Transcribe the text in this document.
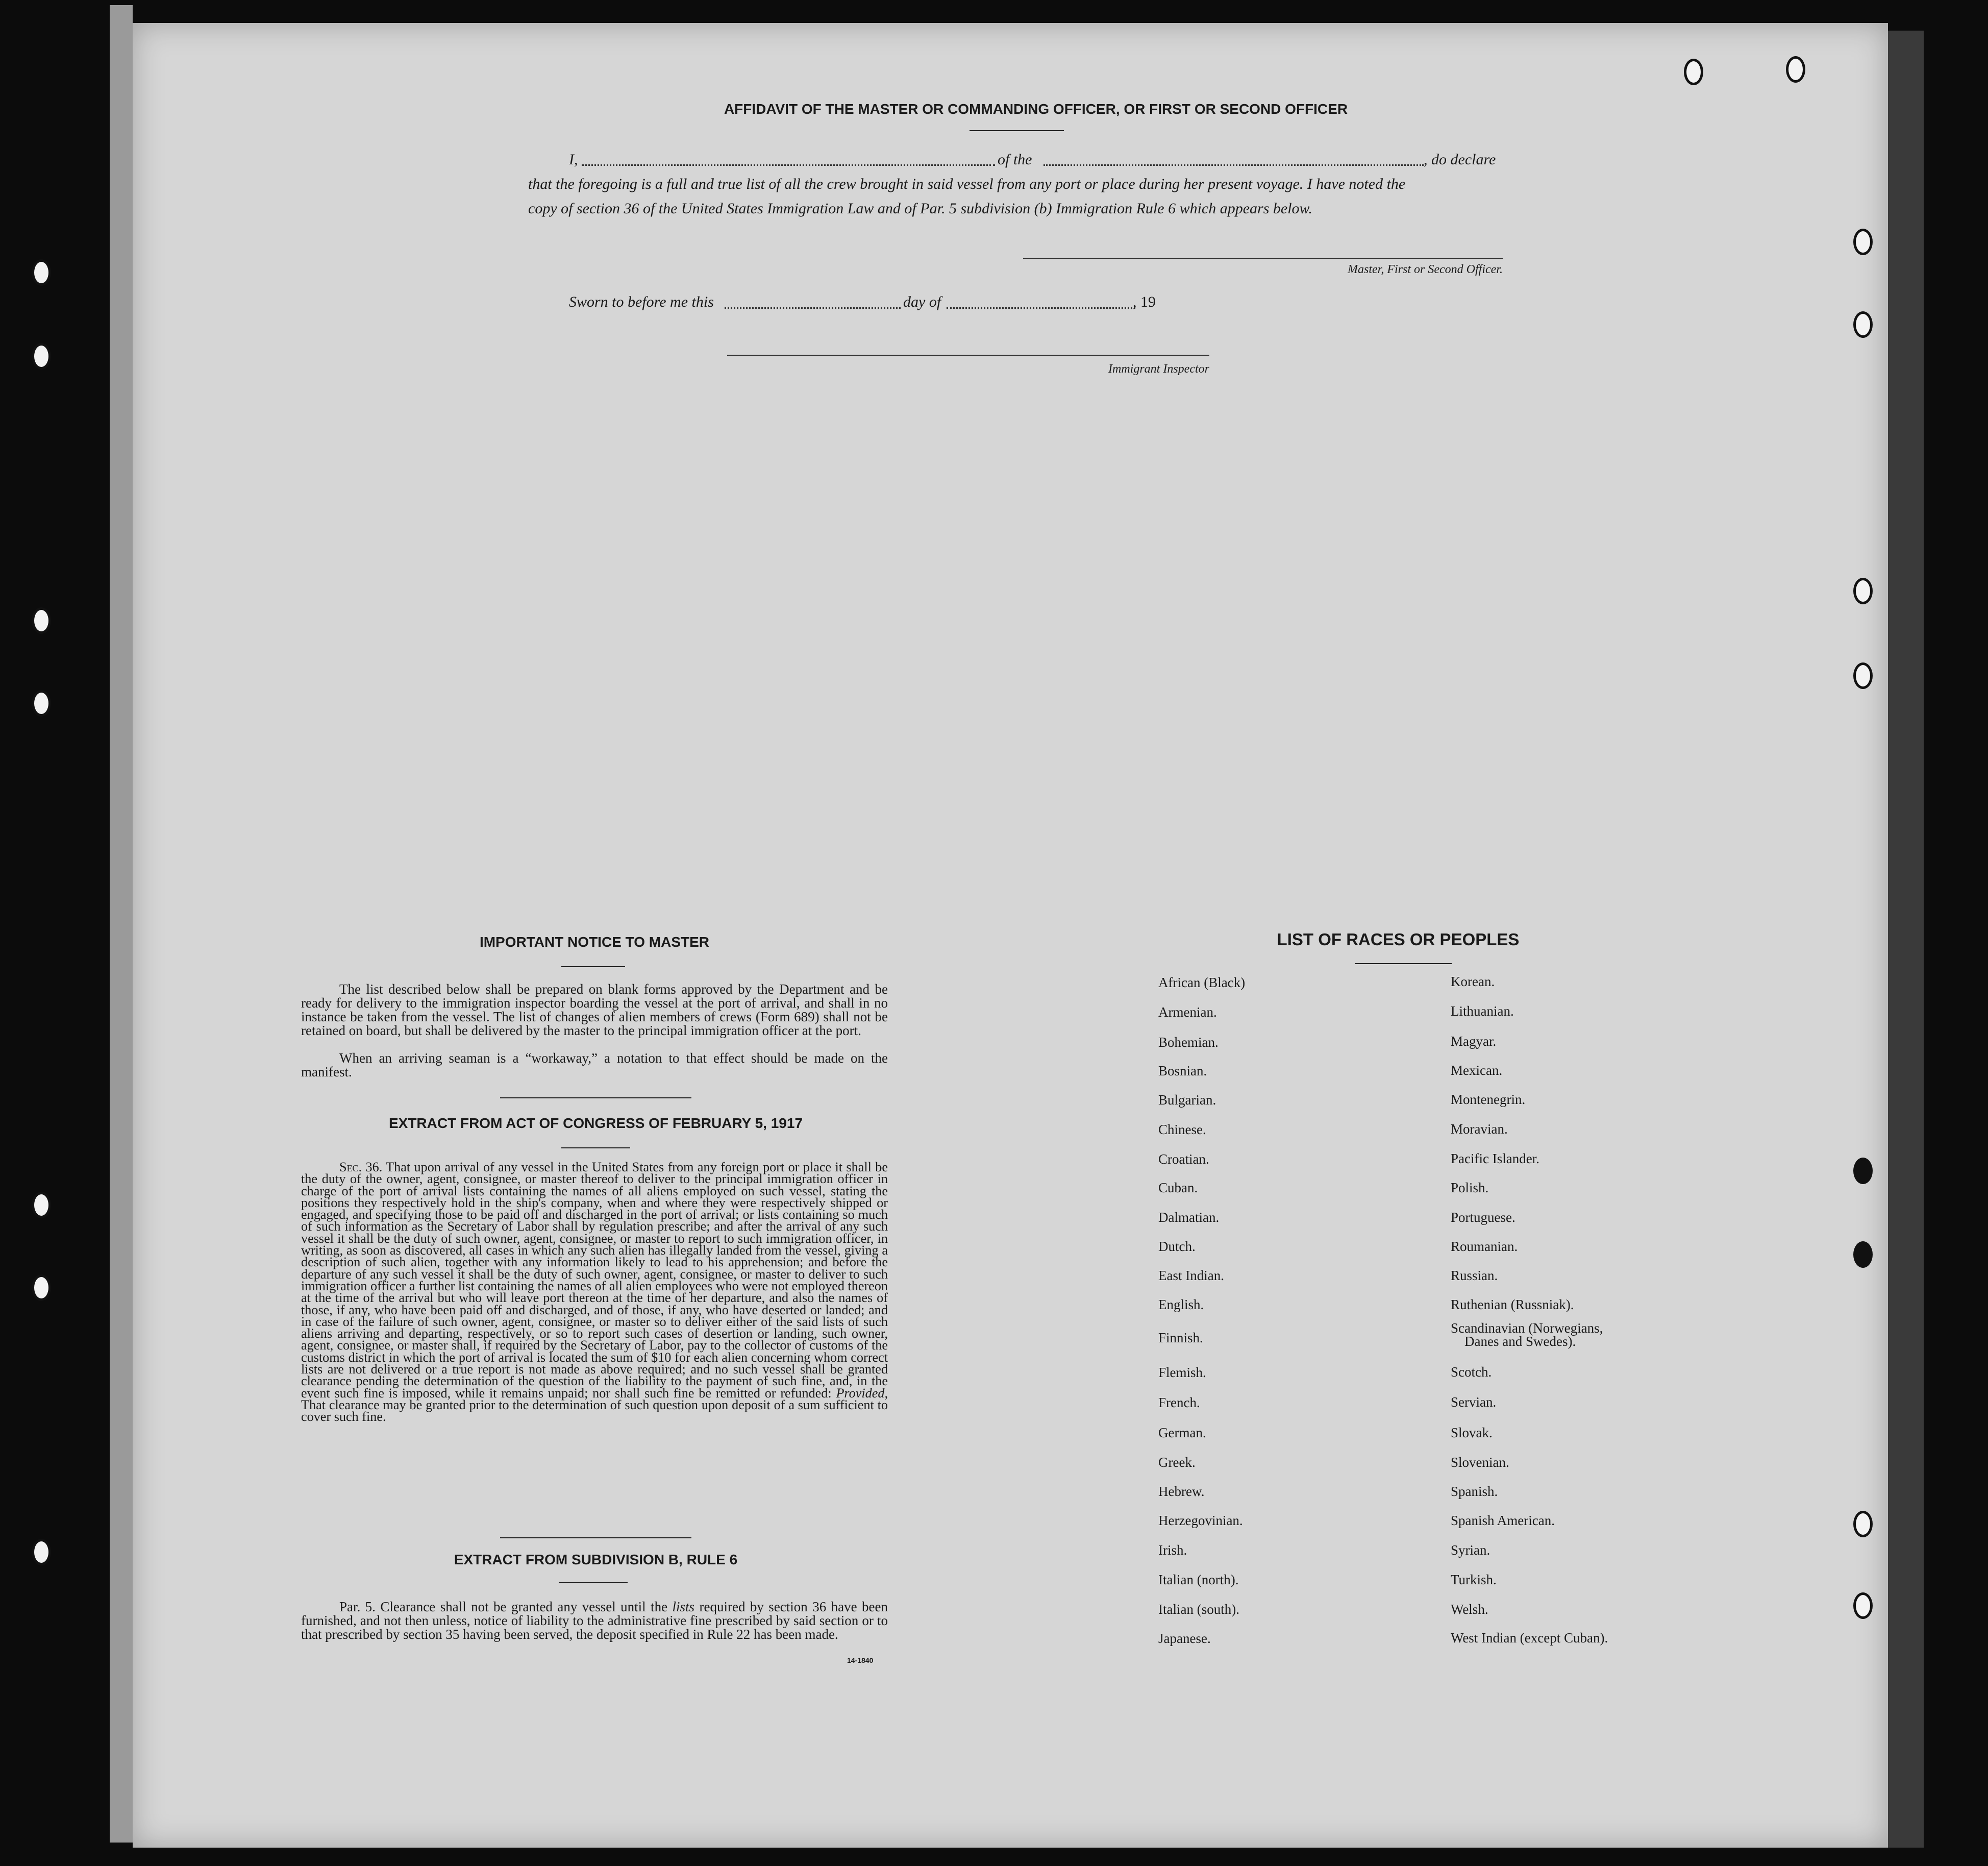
AFFIDAVIT OF THE MASTER OR COMMANDING OFFICER, OR FIRST OR SECOND OFFICER
I,	of the	, do declare
that the foregoing is a full and true list of all the crew brought in said vessel from any port or place during her present voyage. I have noted the
copy of section 36 of the United States Immigration Law and of Par. 5 subdivision (b) Immigration Rule 6 which appears below.
Master, First or Second Officer.
Sworn to before me this	day of	, 19
Immigrant Inspector
IMPORTANT NOTICE TO MASTER
The list described below shall be prepared on blank forms approved by the Department and be ready for delivery to the immigration inspector boarding the vessel at the port of arrival, and shall in no instance be taken from the vessel. The list of changes of alien members of crews (Form 689) shall not be retained on board, but shall be delivered by the master to the principal immigration officer at the port.
When an arriving seaman is a “workaway,” a notation to that effect should be made on the manifest.
EXTRACT FROM ACT OF CONGRESS OF FEBRUARY 5, 1917
Sec. 36. That upon arrival of any vessel in the United States from any foreign port or place it shall be the duty of the owner, agent, consignee, or master thereof to deliver to the principal immigration officer in charge of the port of arrival lists containing the names of all aliens employed on such vessel, stating the positions they respectively hold in the ship's company, when and where they were respectively shipped or engaged, and specifying those to be paid off and discharged in the port of arrival; or lists containing so much of such information as the Secretary of Labor shall by regulation prescribe; and after the arrival of any such vessel it shall be the duty of such owner, agent, consignee, or master to report to such immigration officer, in writing, as soon as discovered, all cases in which any such alien has illegally landed from the vessel, giving a description of such alien, together with any information likely to lead to his apprehension; and before the departure of any such vessel it shall be the duty of such owner, agent, consignee, or master to deliver to such immigration officer a further list containing the names of all alien employees who were not employed thereon at the time of the arrival but who will leave port thereon at the time of her departure, and also the names of those, if any, who have been paid off and discharged, and of those, if any, who have deserted or landed; and in case of the failure of such owner, agent, consignee, or master so to deliver either of the said lists of such aliens arriving and departing, respectively, or so to report such cases of desertion or landing, such owner, agent, consignee, or master shall, if required by the Secretary of Labor, pay to the collector of customs of the customs district in which the port of arrival is located the sum of $10 for each alien concerning whom correct lists are not delivered or a true report is not made as above required; and no such vessel shall be granted clearance pending the determination of the question of the liability to the payment of such fine, and, in the event such fine is imposed, while it remains unpaid; nor shall such fine be remitted or refunded: Provided, That clearance may be granted prior to the determination of such question upon deposit of a sum sufficient to cover such fine.
EXTRACT FROM SUBDIVISION B, RULE 6
Par. 5. Clearance shall not be granted any vessel until the lists required by section 36 have been furnished, and not then unless, notice of liability to the administrative fine prescribed by said section or to that prescribed by section 35 having been served, the deposit specified in Rule 22 has been made.
14-1840
LIST OF RACES OR PEOPLES
African (Black)
Armenian.
Bohemian.
Bosnian.
Bulgarian.
Chinese.
Croatian.
Cuban.
Dalmatian.
Dutch.
East Indian.
English.
Finnish.
Flemish.
French.
German.
Greek.
Hebrew.
Herzegovinian.
Irish.
Italian (north).
Italian (south).
Japanese.
Korean.
Lithuanian.
Magyar.
Mexican.
Montenegrin.
Moravian.
Pacific Islander.
Polish.
Portuguese.
Roumanian.
Russian.
Ruthenian (Russniak).
Scandinavian (Norwegians,
Danes and Swedes).
Scotch.
Servian.
Slovak.
Slovenian.
Spanish.
Spanish American.
Syrian.
Turkish.
Welsh.
West Indian (except Cuban).
